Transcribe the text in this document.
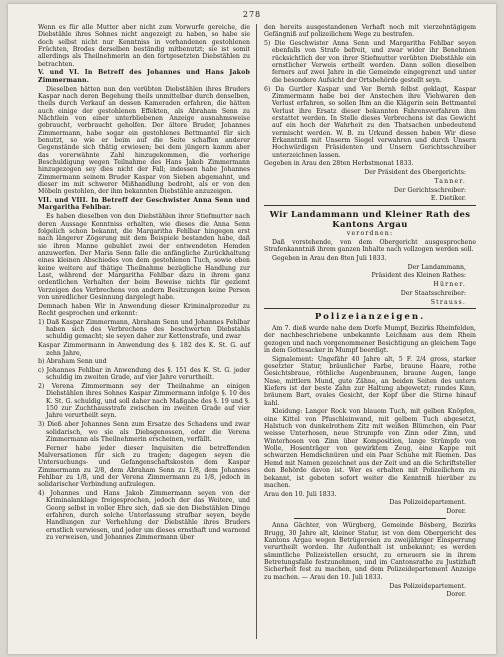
278

Wenn es für alle Mutter aber nicht zum Vorwurfe gereiche, die Diebstähle ihres Sohnes nicht angezeigt zu haben, so habe sie doch selbst nicht nur Kenntniss in vorhandenen gestohlenen Früchten, Brodes derselben beständig mitbenutzt; sie ist somit allerdings als Theilnehmerin an den fortgesetzten Diebstählen zu betrachten.

V. und VI. In Betreff des Johannes und Hans Jakob Zimmermann.

Dieselben hätten nun den verübten Diebstählen ihres Bruders Kaspar nach deren Begehung theils unmittelbar durch denselben, theils durch Verkauf an dessen Kameraden erfahren, die hätten auch einige der gestohlenen Effekten, als Abraham Senn zu Nächtlein von einer unterbliebenen Anzeige ausnahmsweise gebraucht, verbraucht geholfen. Der ältere Bruder, Johannes Zimmermann, habe sogar ein gestohlenes Bettmantel für sich benutzt, so wie er beim auf die Seite schaffen anderer Gegenstände sich thätig erwiesen; bei dem jüngern kamm aber das vorerwähnte Zahl hinzugekommen, die vorherige Beschuldigung wegen Teilnahme des Hans Jakob Zimmermann hinzugezogen sey dies nicht der Fall; indessen habe Johannes Zimmermann seinem Bruder Kaspar von Sieben abgemahnt, und dieser im mit schwerer Mißhandlung bedroht, als er von den Möbeln gestohlen, der ihm bekannten Diebstähle anzuzeigen.

VII. und VIII. In Betreff der Geschwister Anna Senn und Margaritha Fehlbar.

Es haben dieselben von den Diebstählen ihrer Stiefmutter nach deren Aussage Kenntniss erhalten, wie dieses die Anna Senn folgelich schon bekannt, die Margaritha Fehlbar hingegen erst nach längerer Zögerung mit dem Beispiele bestanden habe, daß sie ihren Manne gebuhlet zwei der entwendeten Hemden anzuwerfen. Der Maria Senn falle die anfängliche Zurückhaltung eines kleinen Abschiedes von dem gestohlenen Tuch, sowie eben keine weitere auf thätige Theilnahme bezügliche Handlung zur Last, während der Margaritha Fehlbar dazu in ihrem ganz ordentlichen Verhalten der beim Beweise nichts für geziemt Verzeigen des Verbrechens von andern Besitzungen keine Person von unredlicher Gesinnung dargelegt habe.

Demnach haben Wir in Anwendung dieser Kriminalprozedur zu Recht gesprochen und erkennt:

1) Daß Kaspar Zimmermann, Abraham Senn und Johannes Fehlbar haben sich des Verbrechens des beschwerten Diebstahls schuldig gemacht; sie seyen daher zur Kettenstrafe, und zwar

Kaspar Zimmermann in Anwendung des §. 182 des K. St. G. auf zehn Jahre,

b) Abraham Senn und

c) Johannes Fehlbar in Anwendung des §. 151 des K. St. G. jeder schuldig im zweiten Grade, auf vier Jahre verurtheilt.

2) Verena Zimmermann sey der Theilnahme an einigen Diebstählen ihres Sohnes Kaspar Zimmermann infolge §. 10 des K. St. G. schuldig, und soll daher nach Maßgabe des §. 19 und §. 150 zur Zuchthausstrafe zwischen im zweiten Grade auf vier Jahre verurtheilt seyn.

3) Dieß aber Johannes Senn zum Ersatze des Schadens und zwar solidarisch, wo sie als Diebsgenossen, oder die Verena Zimmermann als Theilnehmerin erscheinen, verfällt.

Ferner habe jeder dieser Inquisiten die betreffenden Malversationen für sich zu tragen; dagegen seyen die Untersuchungs- und Gefangenschaftskosten dem Kaspar Zimmermann zu 2/8, dem Abraham Senn zu 1/8, dem Johannes Fehlbar zu 1/8, und der Verena Zimmermann zu 1/8, jedoch in solidarischer Verbindung aufzulegen.

4) Johannes und Hans Jakob Zimmermann seyen von der Kriminalanklage freigesprochen, jedoch der das Weitere, und Georg selbst in voller Ehre sich, daß sie den Diebstählen Dinge erfahren, durch solche Unterlassung strafbar seyen, beyde Handlungen zur Verhehlung der Diebstähle ihres Bruders ernstlich verwiesen, und jeder um dieses ernsthaft und warnend zu verweisen, und Johannes Zimmermann über

den hereits ausgestandenen Verhaft noch mit vierzehntägigem Gefängniß auf polizeilichem Wege zu bestrafen.

5) Die Geschwister Anna Senn und Margaritha Fehlbar seyen ebenfalls von Strafe befreit, und zwar wider ihr Benehmen rücksichtlich der von ihrer Stiefmutter verübten Diebstähle ein ernstlicher Verweis ertheilt werden. Dann sollen dieselben ferners auf zwei Jahre in die Gemeinde eingegrenzt und unter die besondere Aufsicht der Ortsbehörde gestellt seyn.

6) Da Gurtler Kaspar und Ver Bernh felbst geklagt, Kaspar Zimmermann habe bei der Anstechen ihre Viehwaren den Verlust erfahren, so sollen Ihm an die Klägerin sein Bettmantel Verlust ihre Ersatz dieser bekannten Fahrensverfahren ihm erstattet werden. In Stelle dieses Verbrechens ist das Gewicht auf ein hoch der Wahrheit zu den Thatsachen unbedeutend vermischt werden. W. B. zu Urkund dessen haben Wir diese Erkanntniß mit Unserm Siegel verwahren und durch Unsern Hochwürdigen Präsidenten und Unsern Gerichtsschreiber unterzeichnen lassen.

Gegeben in Arau den 28ten Herbstmonat 1833.

Der Präsident des Obergerichts:

Tanner.

Der Gerichtsschreiber:

E. Dietiker.

Wir Landammann und Kleiner Rath des Kantons Argau

verordnen:

Daß vorstehende, von dem Obergericht ausgesprochene Strafenkanntniß ihrem ganzen Inhalte nach vollzogen werden soll.

Gegeben in Arau den 8ten Juli 1833.

Der Landammann,

Präsident des Kleinen Rathes:

Hürner.

Der Staatsschreiber:

Strauss.

Polizeianzeigen.

Am 7. dieß wurde nahe dem Dorfe Mumpf, Bezirks Rheinfelden, der nachbeschriebene unbekannte Leichnam aus dem Rhein gezogen und nach vorgenommener Besichtigung an gleichem Tage in dem Gottesacker in Mumpf beerdigt.

Signalement: Ungefähr 40 Jahre alt, 5 F. 2/4 gross, starker gesetzter Statur, bräunlicher Farbe, braune Haare, rothe Gesichtsbraue, röthliche Augenbraunen, braune Augen, lange Nase, mittlern Mund, gute Zähne, an beiden Seiten des untern Kiefers ist der beste Zahn zur Haltung abgewetzt; rundes Kinn, bräunem Bart, ovales Gesicht, der Kopf über die Stirne hinauf kahl.

Kleidung: Langer Rock von blauem Tuch, mit gelben Knöpfen, eine Kittel von Pfuschleinwand, mit gelbem Tuch abgesetzt, Halstuch von dunkelrothem Zitz mit weißen Blümchen, ein Paar weisse Unterhosen, neue Strumpfe von Zinn oder Zinn, und Winterhosen von Zinn über Komposition, lange Strümpfe von Wolle, Hosenträger von gewirktem Zeug, eine Kappe mit schwarzen Hemdschnüren und ein Paar Schuhe mit Riemen. Das Hemd mit Namen gezeichnet aus der Zeit und an die Schriftsteller den Behörde davon ist. Wer es erhalten mit Polizeilichem zu bekannt, ist gebeten sofort weiter die Kenntniß hierüber zu machen.

Arau den 10. Juli 1833.

Das Polizeidepartement.

Dorer.

Anna Gächter, von Würgberg, Gemeinde Bösberg, Bezirks Brugg, 30 Jahre alt, kleiner Statur, ist von dem Obergericht des Kantons Argau wegen Betrügereien zu zweijähriger Einsperrung verurtheilt worden. Ihr Aufenthalt ist unbekannt; es werden sämmtliche Polizeistellen ersucht, zu erneuern sie in ihrem Betretungsfalle festzunehmen, und im Cantonsrathe zu Justizhaft Sicherheit fest zu machen, und dem Polizeidepartement Anzeige zu machen. — Arau den 10. Juli 1833.

Das Polizeidepartement.

Dorer.
